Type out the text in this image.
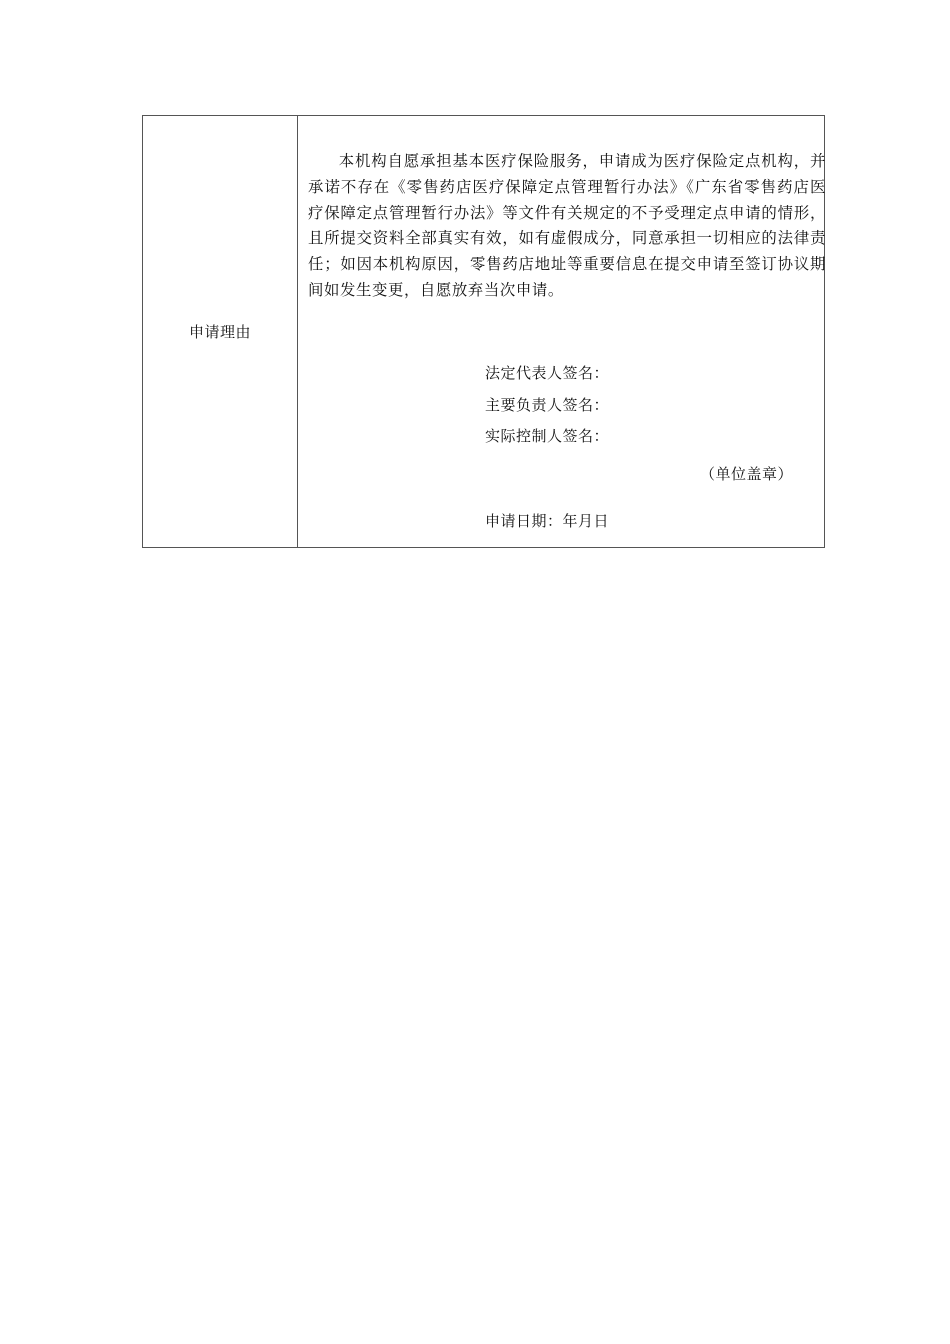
申请理由

本机构自愿承担基本医疗保险服务，申请成为医疗保险定点机构，并承诺不存在《零售药店医疗保障定点管理暂行办法》《广东省零售药店医疗保障定点管理暂行办法》等文件有关规定的不予受理定点申请的情形，且所提交资料全部真实有效，如有虚假成分，同意承担一切相应的法律责任；如因本机构原因，零售药店地址等重要信息在提交申请至签订协议期间如发生变更，自愿放弃当次申请。

法定代表人签名：

主要负责人签名：

实际控制人签名：

（单位盖章）

申请日期：年月日
